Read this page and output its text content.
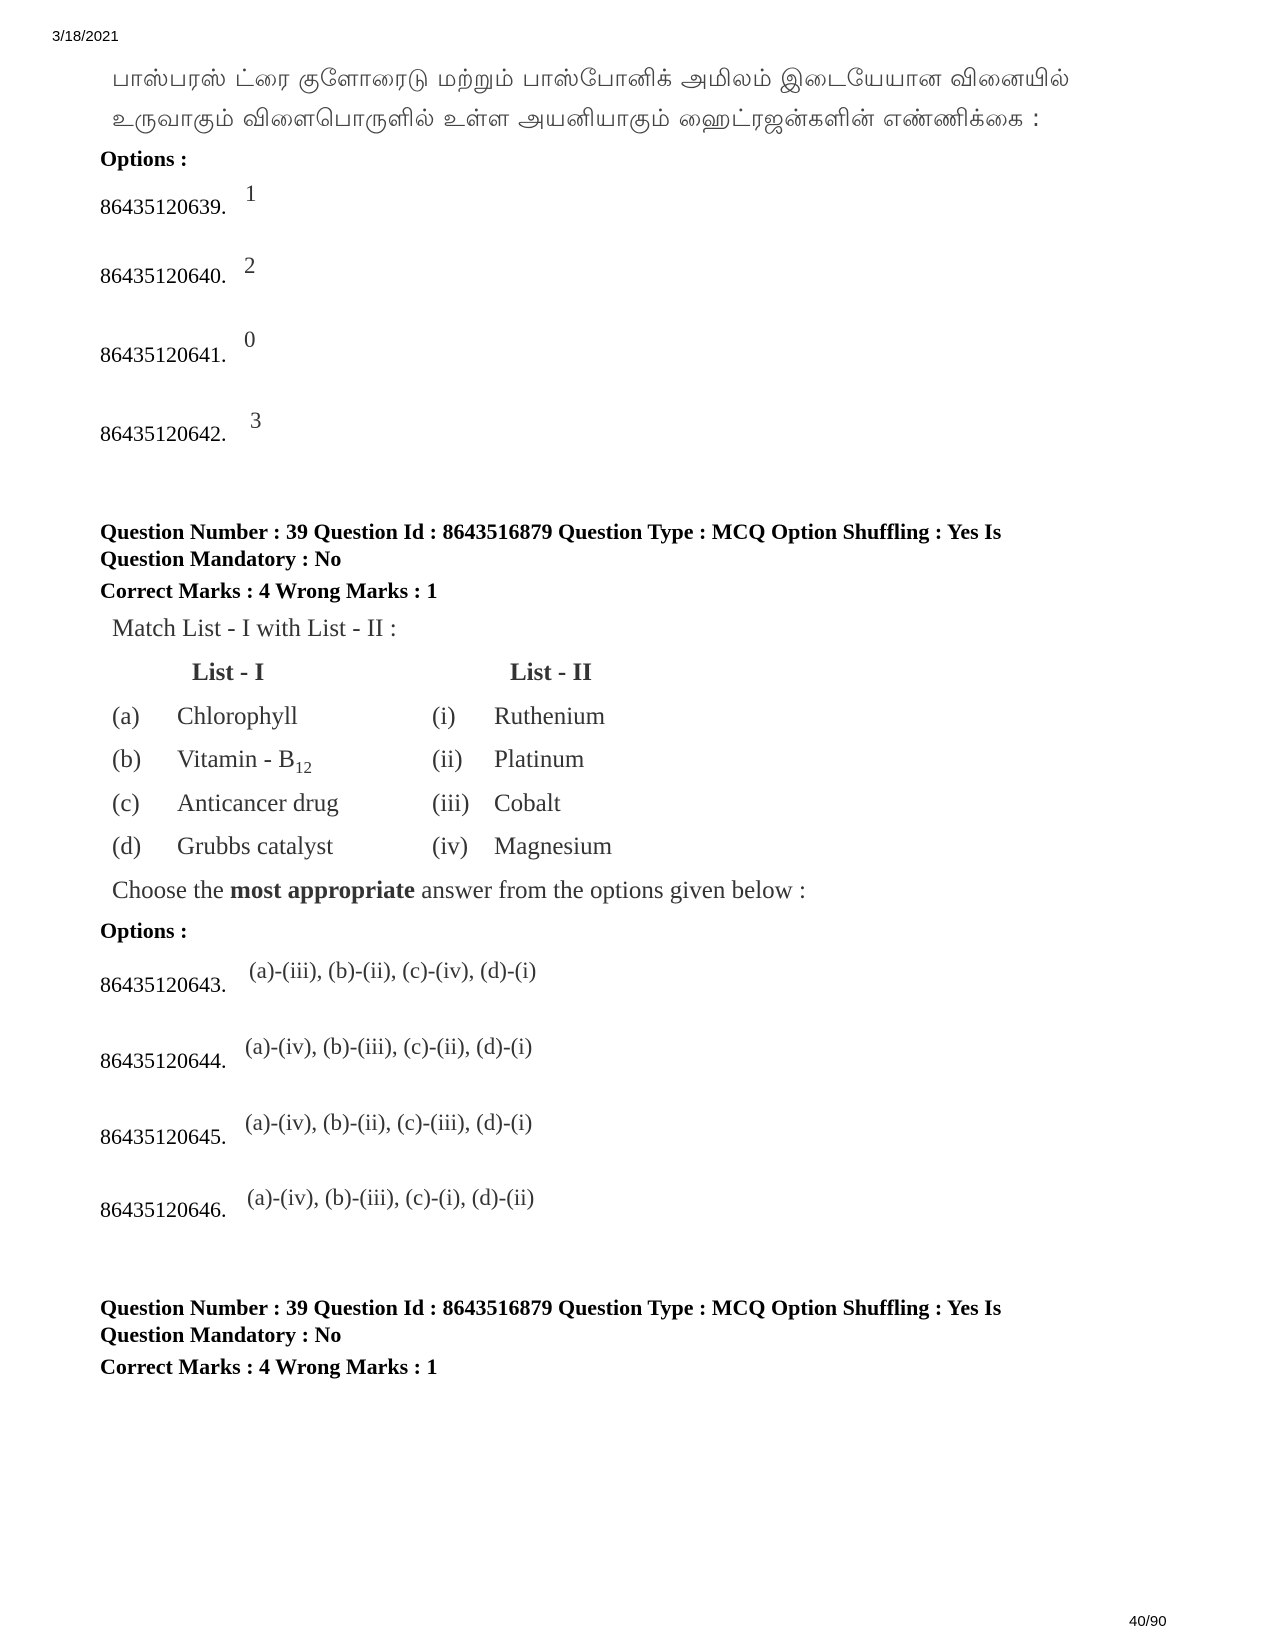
3/18/2021
பாஸ்பரஸ் ட்ரை குளோரைடு மற்றும் பாஸ்போனிக் அமிலம் இடையேயான வினையில்
உருவாகும் விளைபொருளில் உள்ள அயனியாகும் ஹைட்ரஜன்களின் எண்ணிக்கை :
Options :
86435120639.
1
86435120640. 2
86435120641.
0
86435120642.
3
Question Number : 39 Question Id : 8643516879 Question Type : MCQ Option Shuffling : Yes Is
Question Mandatory : No
Correct Marks : 4 Wrong Marks : 1
Match List - I with List - II :
List - I	List - II
(a) Chlorophyll	(i) Ruthenium
(b) Vitamin - $B_{12}$	(ii) Platinum
(c) Anticancer drug	(iii) Cobalt
(d) Grubbs catalyst	(iv) Magnesium
Choose the most appropriate answer from the options given below :
Options :
86435120643.
(a)-(iii), (b)-(ii), (c)-(iv), (d)-(i)
86435120644.
(a)-(iv), (b)-(iii), (c)-(ii), (d)-(i)
86435120645.
(a)-(iv), (b)-(ii), (c)-(iii), (d)-(i)
86435120646. (a)-(iv), (b)-(iii), (c)-(i), (d)-(ii)
Question Number : 39 Question Id : 8643516879 Question Type : MCQ Option Shuffling : Yes Is
Question Mandatory : No
Correct Marks : 4 Wrong Marks : 1
40/90
